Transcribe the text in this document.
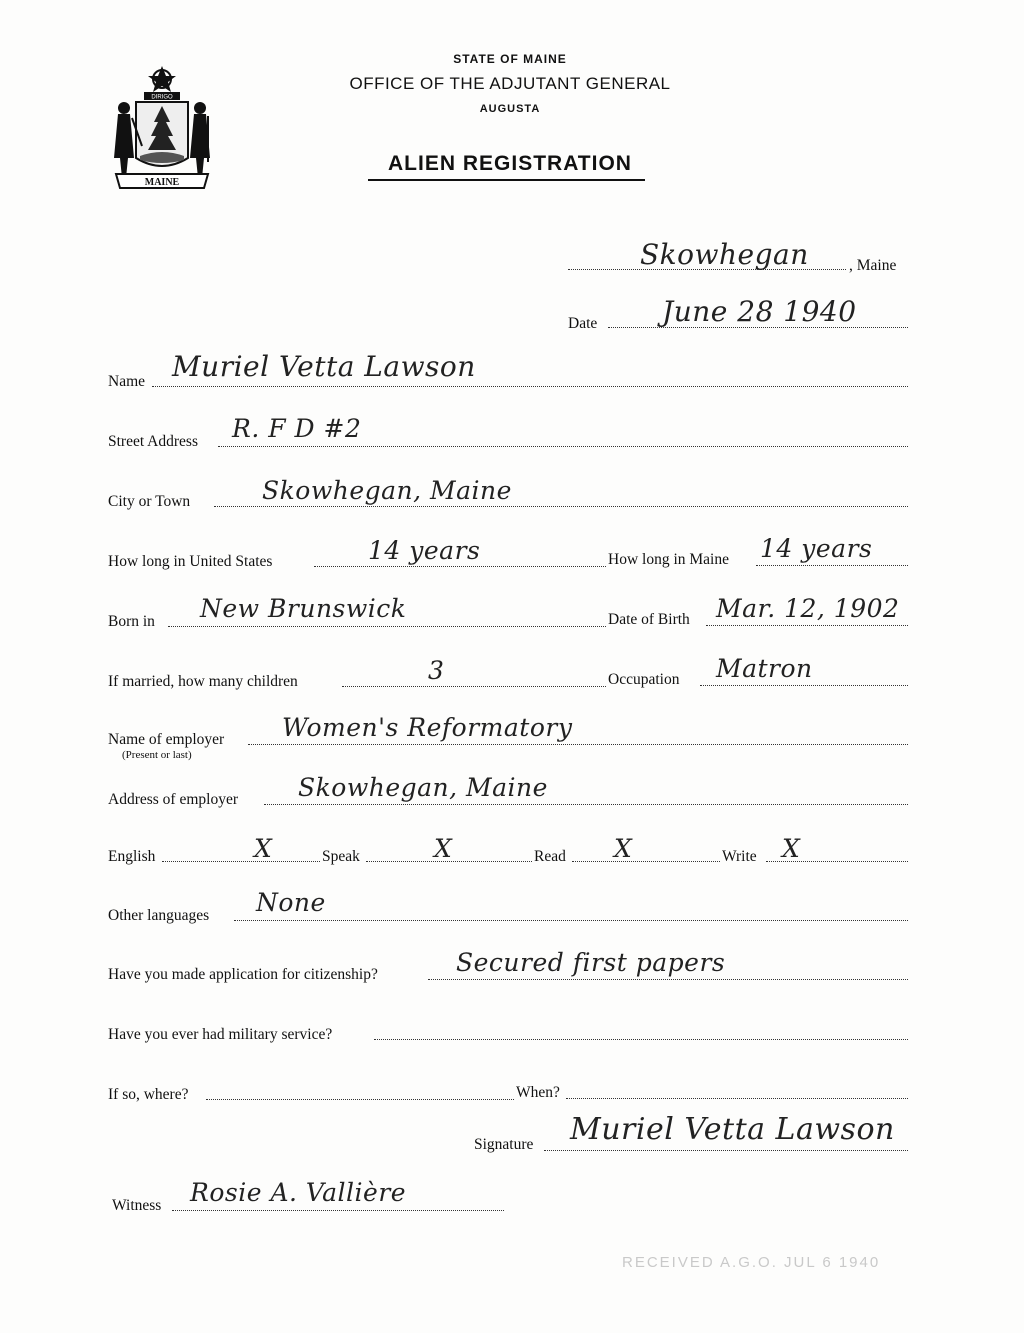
DIRIGO
MAINE
STATE OF MAINE
OFFICE OF THE ADJUTANT GENERAL
AUGUSTA
ALIEN REGISTRATION
Skowhegan	, Maine
Date June 28 1940
Name Muriel Vetta Lawson
Street Address R. F D #2
City or Town	Skowhegan, Maine
How long in United States	14 years	How long in Maine 14 years
Born in New Brunswick	Date of Birth Mar. 12, 1902
If married, how many children	3	Occupation Matron
Name of employer
(Present or last)
Women's Reformatory
Address of employer Skowhegan, Maine
English	X	Speak	X	Read X	Write X
Other languages None
Have you made application for citizenship?	Secured first papers
Have you ever had military service?
If so, where?	When?
Signature Muriel Vetta Lawson
Witness Rosie A. Vallière
RECEIVED A.G.O. JUL 6 1940
